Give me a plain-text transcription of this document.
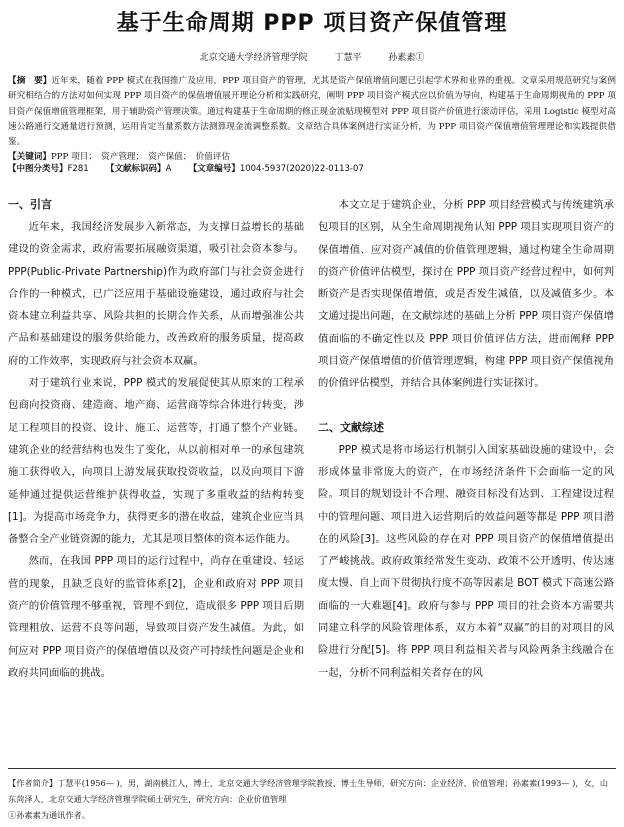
基于生命周期 PPP 项目资产保值管理
北京交通大学经济管理学院	丁慧平	孙素素①
【摘　要】近年来，随着 PPP 模式在我国推广及应用，PPP 项目资产的管理，尤其是资产保值增值问题已引起学术界和业界的重视。文章采用规范研究与案例研究相结合的方法对如何实现 PPP 项目资产的保值增值展开理论分析和实践研究，阐明 PPP 项目资产模式应以价值为导向，构建基于生命周期视角的 PPP 项目资产保值增值管理框架，用于辅助资产管理决策。通过构建基于生命周期的修正现金流贴现模型对 PPP 项目资产价值进行滚动评估，采用 Logistic 模型对高速公路通行交通量进行预测，运用肯定当量系数方法测算现金流调整系数。文章结合具体案例进行实证分析，为 PPP 项目资产保值增值管理理论和实践提供借鉴。
【关键词】PPP 项目；　资产管理；　资产保值；　价值评估
【中图分类号】F281 【文献标识码】A 【文章编号】1004-5937(2020)22-0113-07
一、引言

近年来，我国经济发展步入新常态，为支撑日益增长的基础建设的资金需求，政府需要拓展融资渠道，吸引社会资本参与。PPP(Public-Private Partnership)作为政府部门与社会资金进行合作的一种模式，已广泛应用于基础设施建设，通过政府与社会资本建立利益共享、风险共担的长期合作关系，从而增强准公共产品和基础建设的服务供给能力，改善政府的服务质量，提高政府的工作效率，实现政府与社会资本双赢。

对于建筑行业来说，PPP 模式的发展促使其从原来的工程承包商向投资商、建造商、地产商、运营商等综合体进行转变，涉足工程项目的投资、设计、施工、运营等，打通了整个产业链。建筑企业的经营结构也发生了变化，从以前相对单一的承包建筑施工获得收入，向项目上游发展获取投资收益，以及向项目下游延伸通过提供运营维护获得收益，实现了多重收益的结构转变[1]。为提高市场竞争力，获得更多的潜在收益，建筑企业应当具备整合全产业链资源的能力，尤其是项目整体的资本运作能力。

然而，在我国 PPP 项目的运行过程中，尚存在重建设、轻运营的现象，且缺乏良好的监管体系[2]，企业和政府对 PPP 项目资产的价值管理不够重视，管理不到位，造成很多 PPP 项目后期管理粗放、运营不良等问题，导致项目资产发生减值。为此，如何应对 PPP 项目资产的保值增值以及资产可持续性问题是企业和政府共同面临的挑战。

本文立足于建筑企业，分析 PPP 项目经营模式与传统建筑承包项目的区别，从全生命周期视角认知 PPP 项目实现项目资产的保值增值、应对资产减值的价值管理逻辑，通过构建全生命周期的资产价值评估模型，探讨在 PPP 项目资产经营过程中，如何判断资产是否实现保值增值，或是否发生减值，以及减值多少。本文通过提出问题，在文献综述的基础上分析 PPP 项目资产保值增值面临的不确定性以及 PPP 项目价值评估方法，进而阐释 PPP 项目资产保值增值的价值管理逻辑，构建 PPP 项目资产保值视角的价值评估模型，并结合具体案例进行实证探讨。

二、文献综述

PPP 模式是将市场运行机制引入国家基础设施的建设中，会形成体量非常庞大的资产，在市场经济条件下会面临一定的风险。项目的规划设计不合理、融资目标没有达到、工程建设过程中的管理问题、项目进入运营期后的效益问题等都是 PPP 项目潜在的风险[3]。这些风险的存在对 PPP 项目资产的保值增值提出了严峻挑战。政府政策经常发生变动、政策不公开透明、传达速度太慢、自上而下贯彻执行度不高等因素是 BOT 模式下高速公路面临的一大难题[4]。政府与参与 PPP 项目的社会资本方需要共同建立科学的风险管理体系，双方本着“双赢”的目的对项目的风险进行分配[5]。将 PPP 项目利益相关者与风险两条主线融合在一起，分析不同利益相关者存在的风

【作者简介】丁慧平(1956— )，男，湖南桃江人，博士，北京交通大学经济管理学院教授、博士生导师，研究方向：企业经济、价值管理；孙素素(1993— )，女，山东菏泽人，北京交通大学经济管理学院硕士研究生，研究方向：企业价值管理
①孙素素为通讯作者。
